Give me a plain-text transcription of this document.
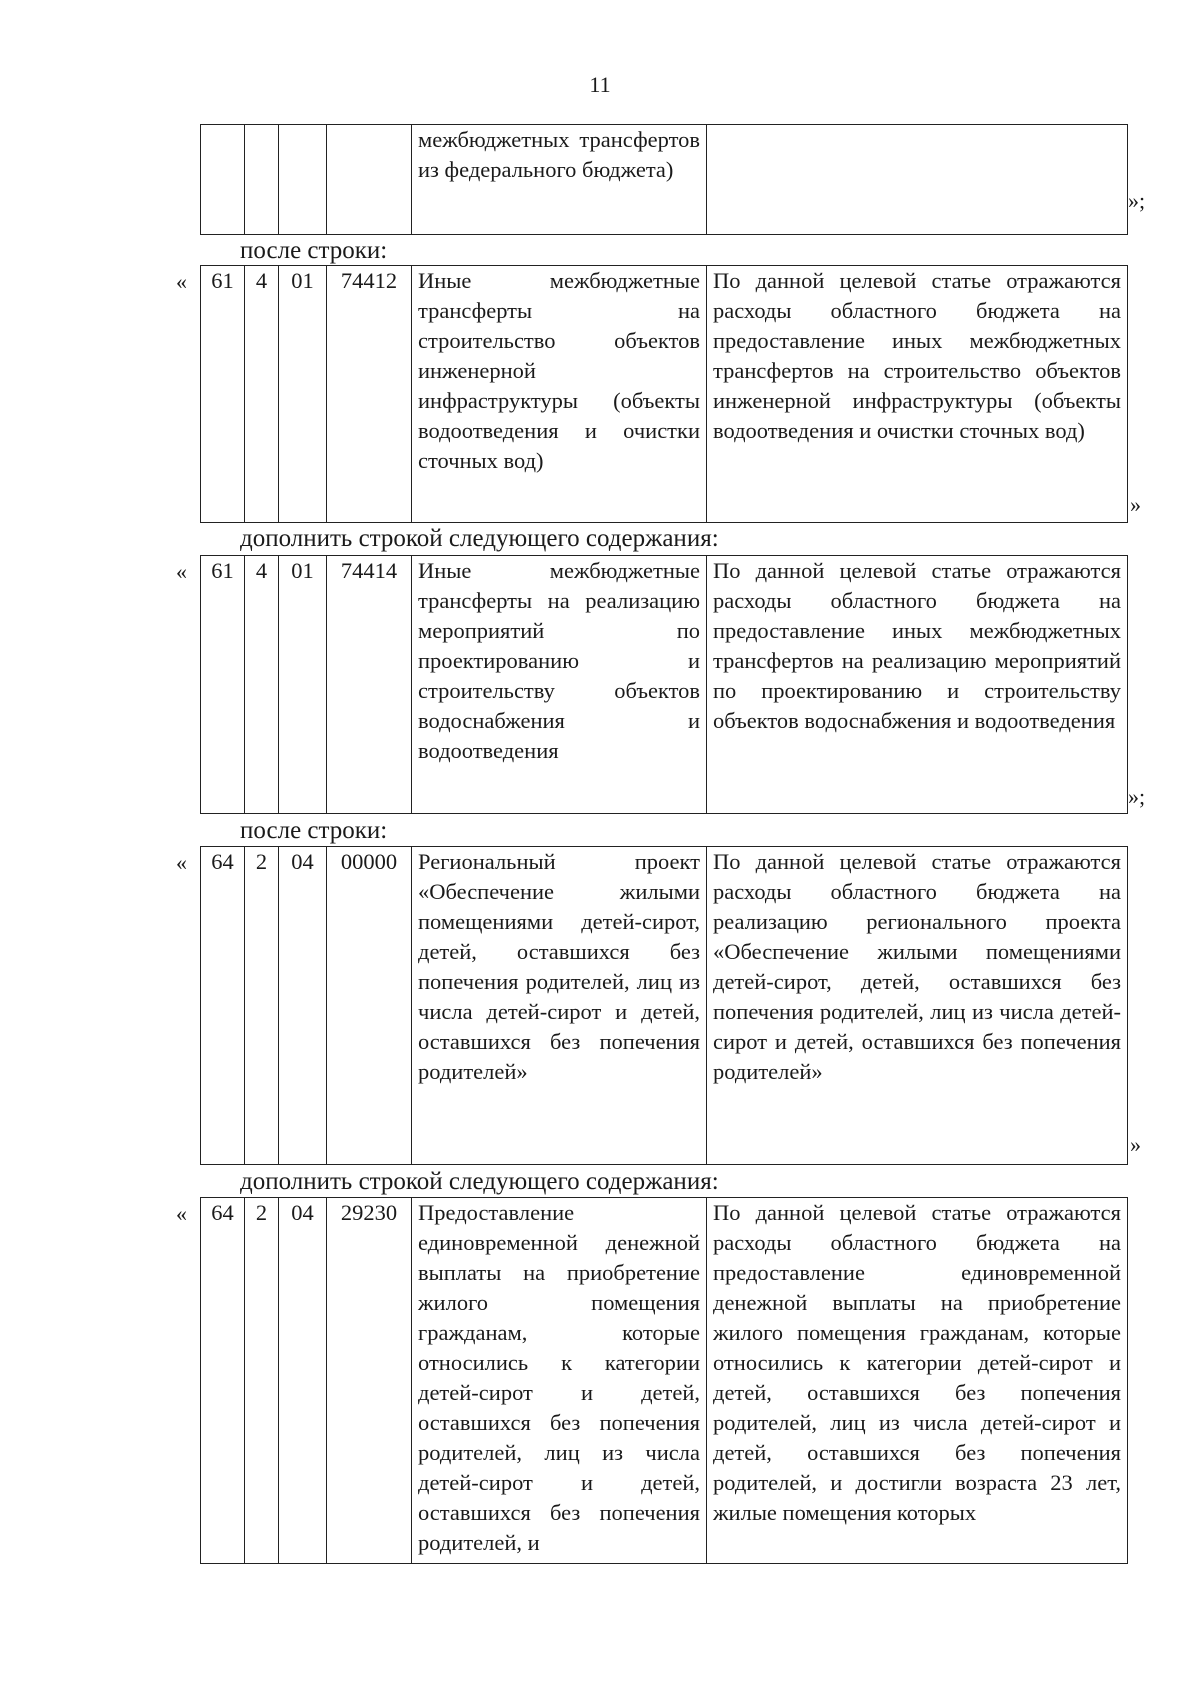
11
				межбюджетных трансфертов из федерального бюджета)	
»;
после строки:
« 61	4	01	74412	Иные межбюджетные трансферты на строительство объектов инженерной инфраструктуры (объекты водоотведения и очистки сточных вод)	По данной целевой статье отражаются расходы областного бюджета на предоставление иных межбюджетных трансфертов на строительство объектов инженерной инфраструктуры (объекты водоотведения и очистки сточных вод)
»
дополнить строкой следующего содержания:
« 61	4	01	74414	Иные межбюджетные трансферты на реализацию мероприятий по проектированию и строительству объектов водоснабжения и водоотведения	По данной целевой статье отражаются расходы областного бюджета на предоставление иных межбюджетных трансфертов на реализацию мероприятий по проектированию и строительству объектов водоснабжения и водоотведения
»;
после строки:
« 64	2	04	00000	Региональный проект «Обеспечение жилыми помещениями детей-сирот, детей, оставшихся без попечения родителей, лиц из числа детей-сирот и детей, оставшихся без попечения родителей»	По данной целевой статье отражаются расходы областного бюджета на реализацию регионального проекта «Обеспечение жилыми помещениями детей-сирот, детей, оставшихся без попечения родителей, лиц из числа детей-сирот и детей, оставшихся без попечения родителей»
»
дополнить строкой следующего содержания:
« 64	2	04	29230	Предоставление единовременной денежной выплаты на приобретение жилого помещения гражданам, которые относились к категории детей-сирот и детей, оставшихся без попечения родителей, лиц из числа детей-сирот и детей, оставшихся без попечения родителей, и	По данной целевой статье отражаются расходы областного бюджета на предоставление единовременной денежной выплаты на приобретение жилого помещения гражданам, которые относились к категории детей-сирот и детей, оставшихся без попечения родителей, лиц из числа детей-сирот и детей, оставшихся без попечения родителей, и достигли возраста 23 лет, жилые помещения которых
